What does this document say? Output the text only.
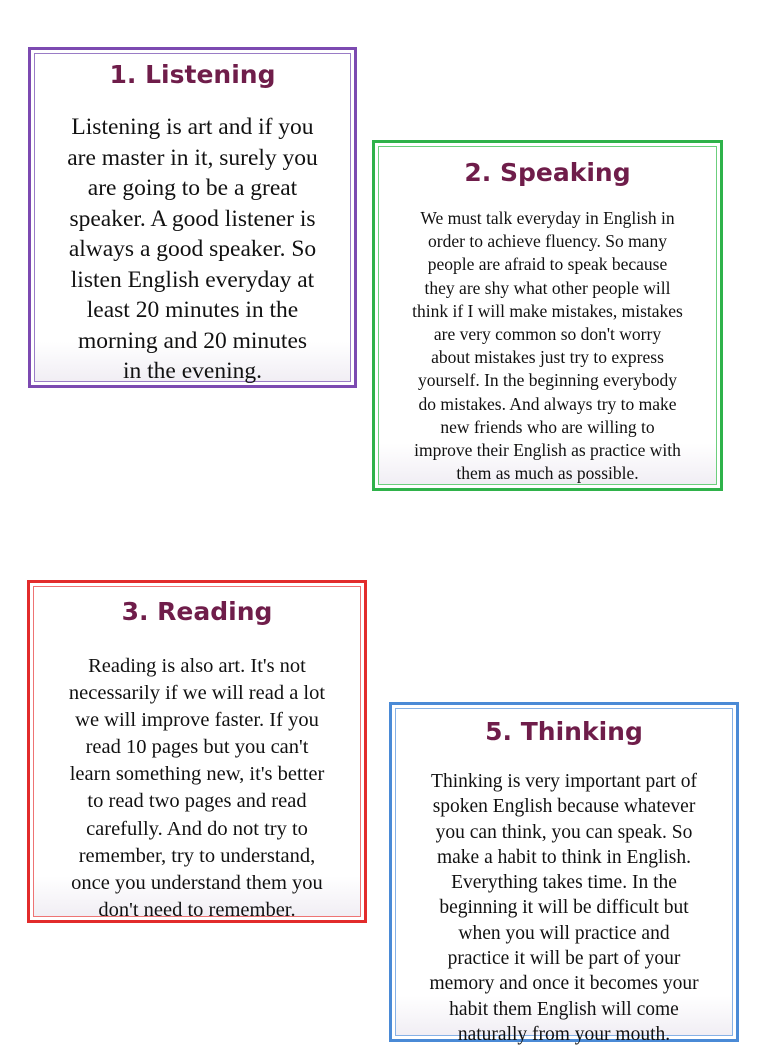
1. Listening

Listening is art and if you
are master in it, surely you
are going to be a great
speaker. A good listener is
always a good speaker. So
listen English everyday at
least 20 minutes in the
morning and 20 minutes
in the evening.

2. Speaking

We must talk everyday in English in
order to achieve fluency. So many
people are afraid to speak because
they are shy what other people will
think if I will make mistakes, mistakes
are very common so don't worry
about mistakes just try to express
yourself. In the beginning everybody
do mistakes. And always try to make
new friends who are willing to
improve their English as practice with
them as much as possible.

3. Reading

Reading is also art. It's not
necessarily if we will read a lot
we will improve faster. If you
read 10 pages but you can't
learn something new, it's better
to read two pages and read
carefully. And do not try to
remember, try to understand,
once you understand them you
don't need to remember.

5. Thinking

Thinking is very important part of
spoken English because whatever
you can think, you can speak. So
make a habit to think in English.
Everything takes time. In the
beginning it will be difficult but
when you will practice and
practice it will be part of your
memory and once it becomes your
habit them English will come
naturally from your mouth.
